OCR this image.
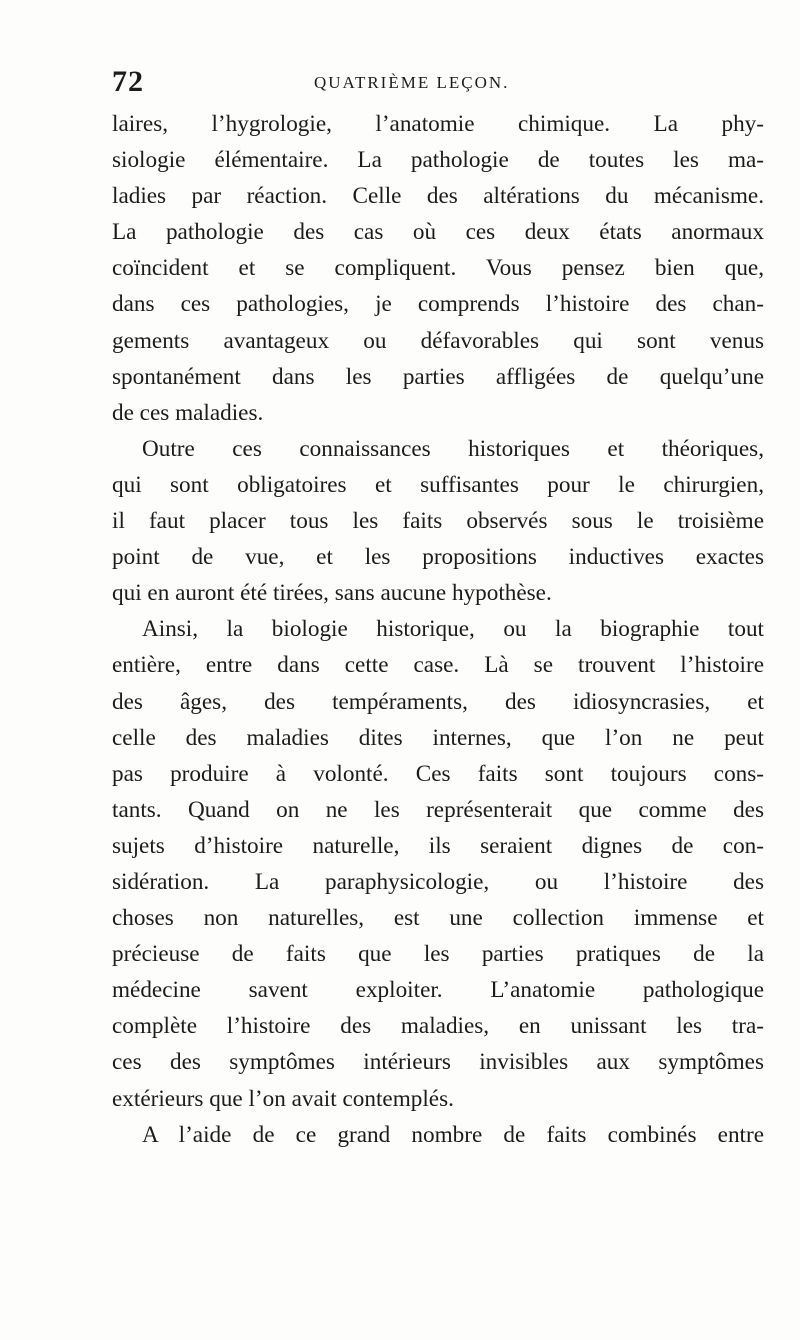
72	QUATRIÈME LEÇON.
laires, l’hygrologie, l’anatomie chimique. La phy-
siologie élémentaire. La pathologie de toutes les ma-
ladies par réaction. Celle des altérations du mécanisme.
La pathologie des cas où ces deux états anormaux
coïncident et se compliquent. Vous pensez bien que,
dans ces pathologies, je comprends l’histoire des chan-
gements avantageux ou défavorables qui sont venus
spontanément dans les parties affligées de quelqu’une
de ces maladies.
Outre ces connaissances historiques et théoriques,
qui sont obligatoires et suffisantes pour le chirurgien,
il faut placer tous les faits observés sous le troisième
point de vue, et les propositions inductives exactes
qui en auront été tirées, sans aucune hypothèse.
Ainsi, la biologie historique, ou la biographie tout
entière, entre dans cette case. Là se trouvent l’histoire
des âges, des tempéraments, des idiosyncrasies, et
celle des maladies dites internes, que l’on ne peut
pas produire à volonté. Ces faits sont toujours cons-
tants. Quand on ne les représenterait que comme des
sujets d’histoire naturelle, ils seraient dignes de con-
sidération. La paraphysicologie, ou l’histoire des
choses non naturelles, est une collection immense et
précieuse de faits que les parties pratiques de la
médecine savent exploiter. L’anatomie pathologique
complète l’histoire des maladies, en unissant les tra-
ces des symptômes intérieurs invisibles aux symptômes
extérieurs que l’on avait contemplés.
A l’aide de ce grand nombre de faits combinés entre
